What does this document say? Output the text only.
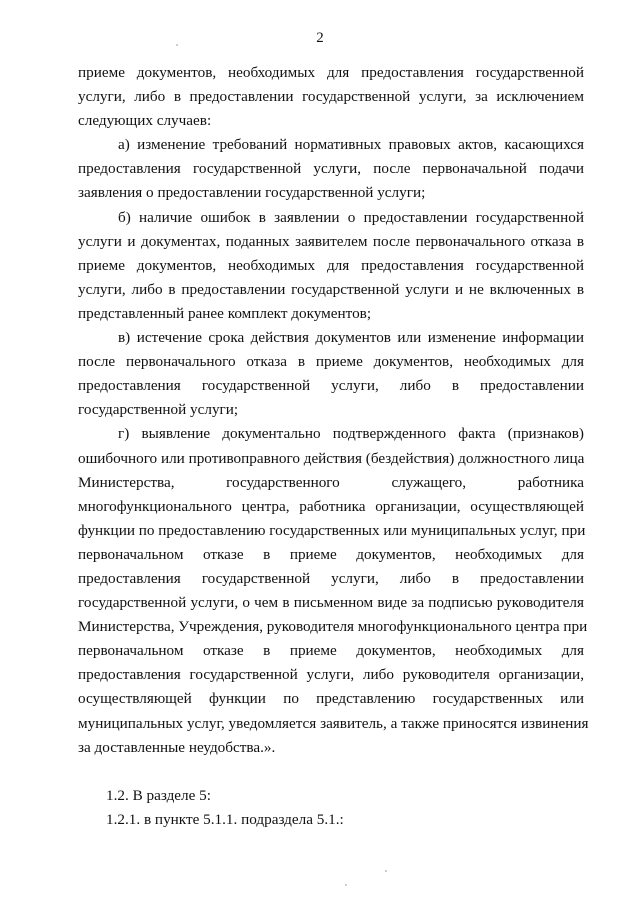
2
приеме документов, необходимых для предоставления государственной
услуги, либо в предоставлении государственной услуги, за исключением
следующих случаев:
а) изменение требований нормативных правовых актов, касающихся
предоставления государственной услуги, после первоначальной подачи
заявления о предоставлении государственной услуги;
б) наличие ошибок в заявлении о предоставлении государственной
услуги и документах, поданных заявителем после первоначального отказа в
приеме документов, необходимых для предоставления государственной
услуги, либо в предоставлении государственной услуги и не включенных в
представленный ранее комплект документов;
в) истечение срока действия документов или изменение информации
после первоначального отказа в приеме документов, необходимых для
предоставления государственной услуги, либо в предоставлении
государственной услуги;
г) выявление документально подтвержденного факта (признаков)
ошибочного или противоправного действия (бездействия) должностного лица
Министерства, государственного служащего, работника
многофункционального центра, работника организации, осуществляющей
функции по предоставлению государственных или муниципальных услуг, при
первоначальном отказе в приеме документов, необходимых для
предоставления государственной услуги, либо в предоставлении
государственной услуги, о чем в письменном виде за подписью руководителя
Министерства, Учреждения, руководителя многофункционального центра при
первоначальном отказе в приеме документов, необходимых для
предоставления государственной услуги, либо руководителя организации,
осуществляющей функции по представлению государственных или
муниципальных услуг, уведомляется заявитель, а также приносятся извинения
за доставленные неудобства.».
1.2. В разделе 5:
1.2.1. в пункте 5.1.1. подраздела 5.1.:
